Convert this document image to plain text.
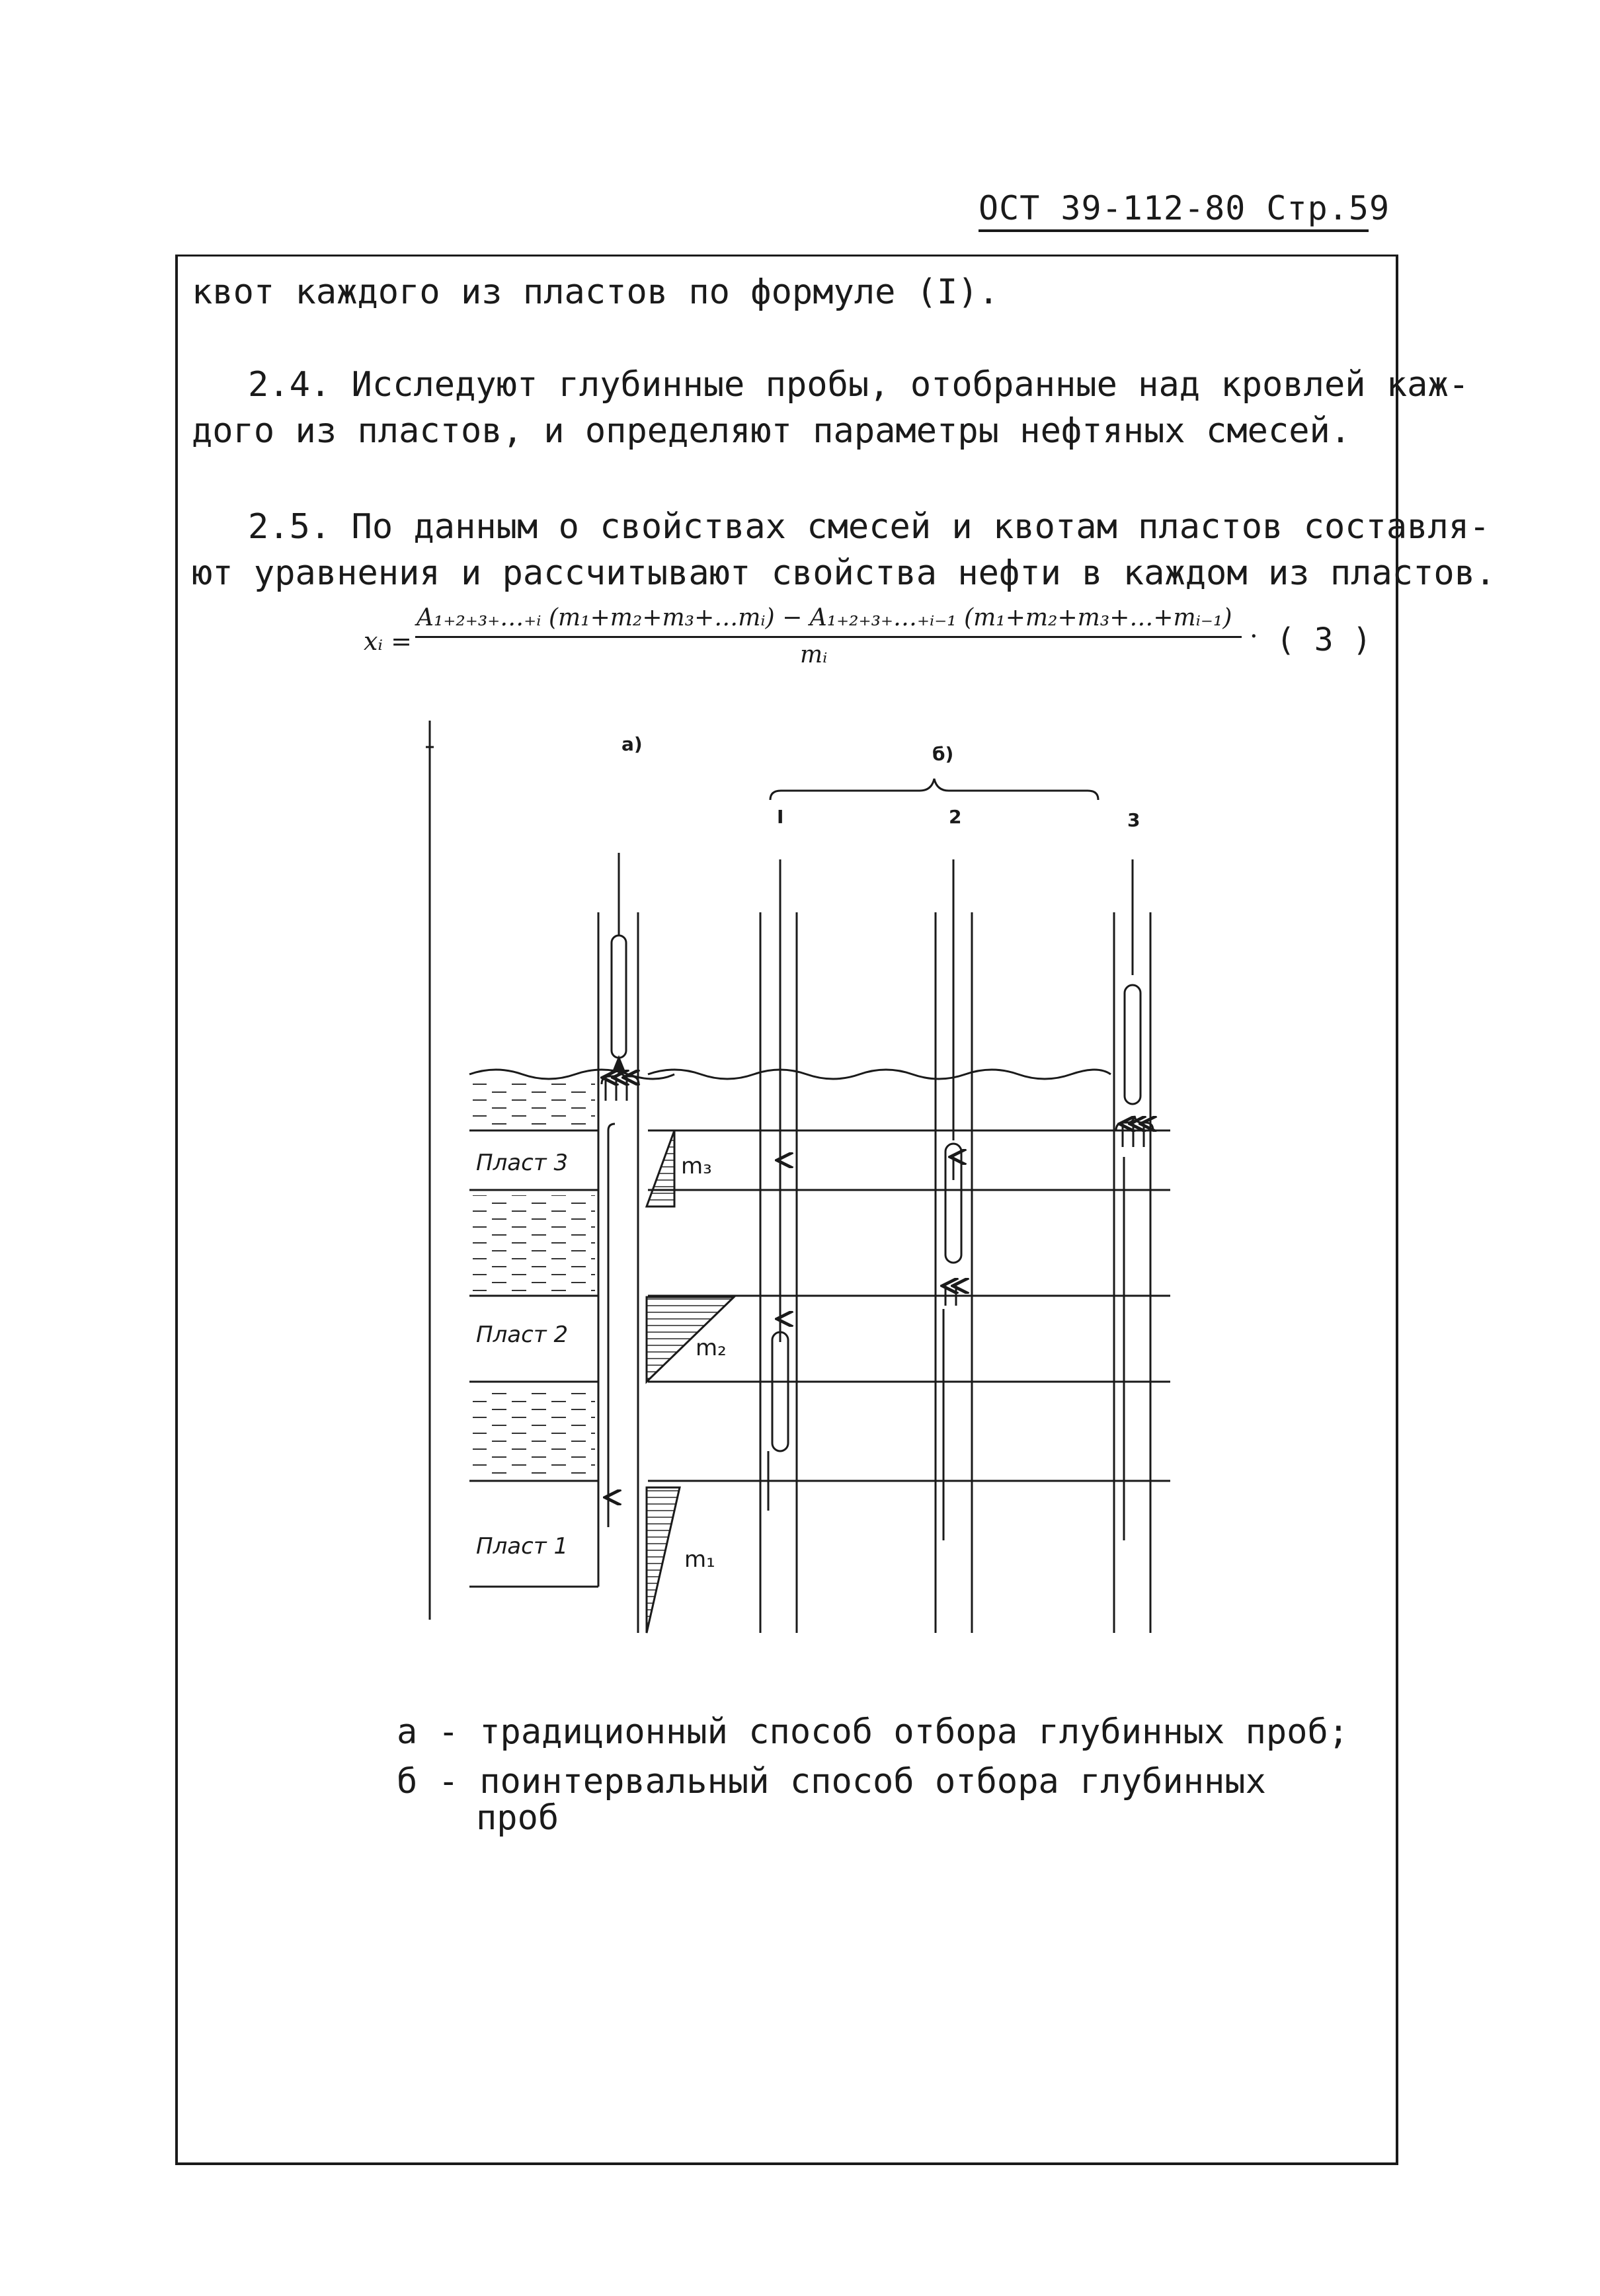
ОСТ 39-112-80 Стр.59
квот каждого из пластов по формуле (I).
2.4. Исследуют глубинные пробы, отобранные над кровлей каж-
дого из пластов, и определяют параметры нефтяных смесей.
2.5. По данным о свойствах смесей и квотам пластов составля-
ют уравнения и рассчитывают свойства нефти в каждом из пластов.
xᵢ =
A₁₊₂₊₃₊…₊ᵢ (m₁+m₂+m₃+…mᵢ) − A₁₊₂₊₃₊…₊ᵢ₋₁ (m₁+m₂+m₃+…+mᵢ₋₁)
mᵢ
· ( 3 )
а)	б)
I	2	3
Пласт 3
Пласт 2
Пласт 1
m₃
m₂
m₁
а - традиционный способ отбора глубинных проб;
б - поинтервальный способ отбора глубинных
проб
